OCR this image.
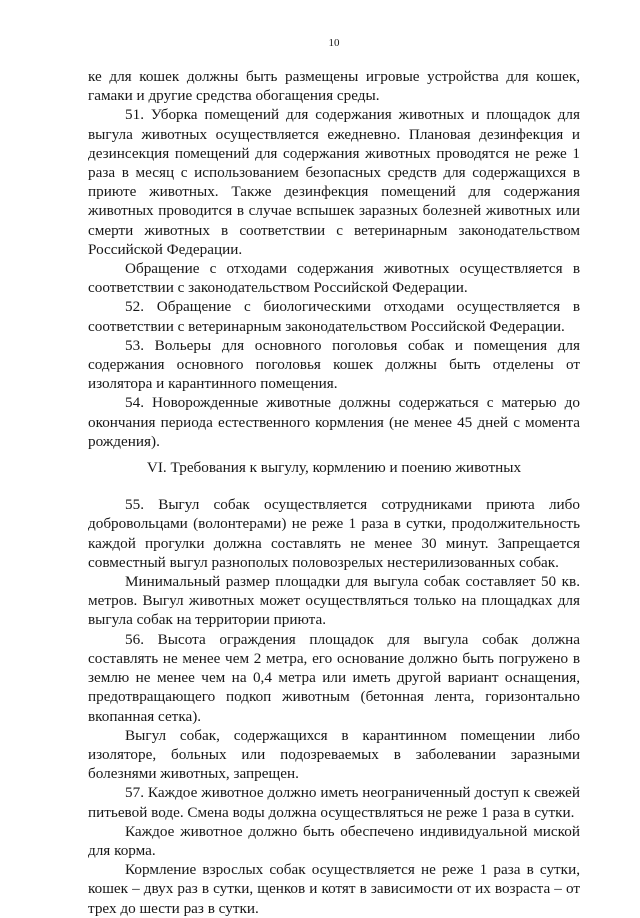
10

ке для кошек должны быть размещены игровые устройства для кошек, гамаки и другие средства обогащения среды.

51. Уборка помещений для содержания животных и площадок для выгула животных осуществляется ежедневно. Плановая дезинфекция и дезинсекция помещений для содержания животных проводятся не реже 1 раза в месяц с использованием безопасных средств для содержащихся в приюте животных. Также дезинфекция помещений для содержания животных проводится в случае вспышек заразных болезней животных или смерти животных в соответствии с ветеринарным законодательством Российской Федерации.

Обращение с отходами содержания животных осуществляется в соответствии с законодательством Российской Федерации.

52. Обращение с биологическими отходами осуществляется в соответствии с ветеринарным законодательством Российской Федерации.

53. Вольеры для основного поголовья собак и помещения для содержания основного поголовья кошек должны быть отделены от изолятора и карантинного помещения.

54. Новорожденные животные должны содержаться с матерью до окончания периода естественного кормления (не менее 45 дней с момента рождения).

VI. Требования к выгулу, кормлению и поению животных

55. Выгул собак осуществляется сотрудниками приюта либо добровольцами (волонтерами) не реже 1 раза в сутки, продолжительность каждой прогулки должна составлять не менее 30 минут. Запрещается совместный выгул разнополых половозрелых нестерилизованных собак.

Минимальный размер площадки для выгула собак составляет 50 кв. метров. Выгул животных может осуществляться только на площадках для выгула собак на территории приюта.

56. Высота ограждения площадок для выгула собак должна составлять не менее чем 2 метра, его основание должно быть погружено в землю не менее чем на 0,4 метра или иметь другой вариант оснащения, предотвращающего подкоп животным (бетонная лента, горизонтально вкопанная сетка).

Выгул собак, содержащихся в карантинном помещении либо изоляторе, больных или подозреваемых в заболевании заразными болезнями животных, запрещен.

57. Каждое животное должно иметь неограниченный доступ к свежей питьевой воде. Смена воды должна осуществляться не реже 1 раза в сутки.

Каждое животное должно быть обеспечено индивидуальной миской для корма.

Кормление взрослых собак осуществляется не реже 1 раза в сутки, кошек – двух раз в сутки, щенков и котят в зависимости от их возраста – от трех до шести раз в сутки.
